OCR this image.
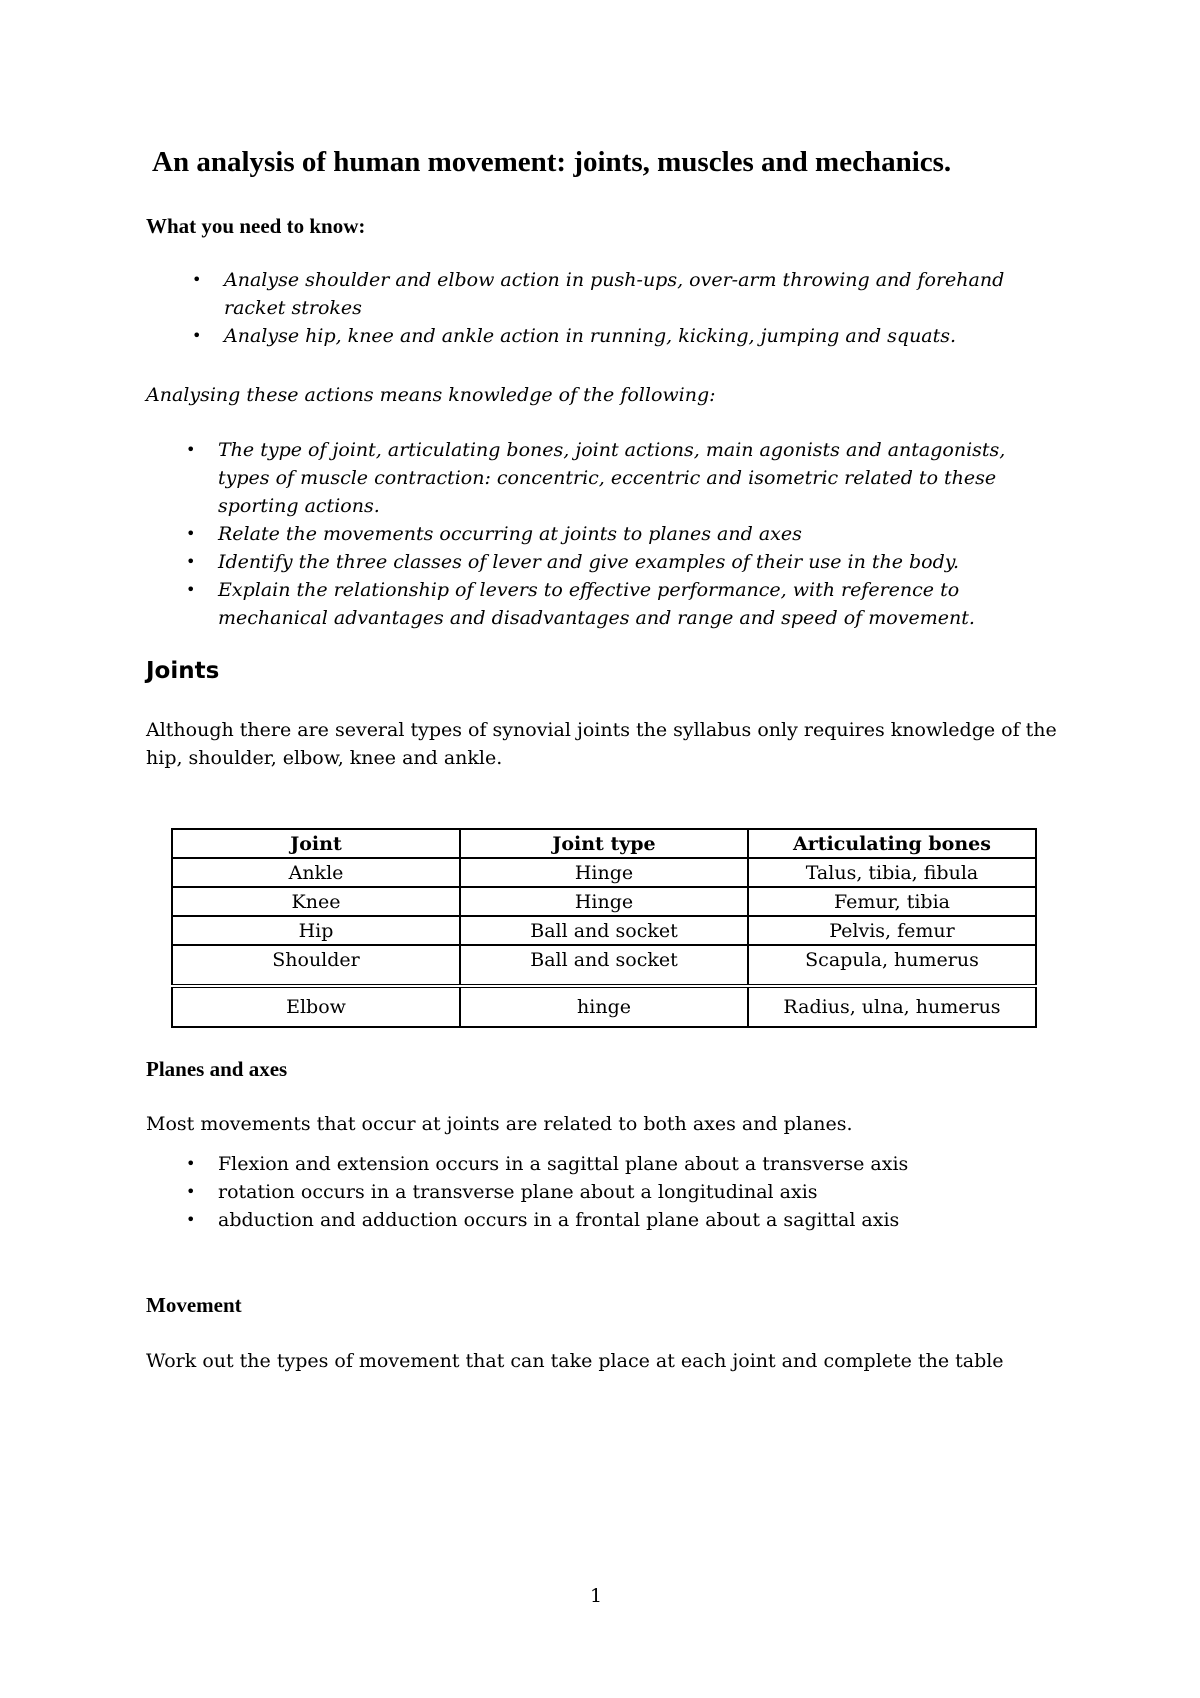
An analysis of human movement: joints, muscles and mechanics.
What you need to know:
• Analyse shoulder and elbow action in push-ups, over-arm throwing and forehand racket strokes
• Analyse hip, knee and ankle action in running, kicking, jumping and squats.
Analysing these actions means knowledge of the following:
• The type of joint, articulating bones, joint actions, main agonists and antagonists, types of muscle contraction: concentric, eccentric and isometric related to these sporting actions.
• Relate the movements occurring at joints to planes and axes
• Identify the three classes of lever and give examples of their use in the body.
• Explain the relationship of levers to effective performance, with reference to mechanical advantages and disadvantages and range and speed of movement.
Joints
Although there are several types of synovial joints the syllabus only requires knowledge of the hip, shoulder, elbow, knee and ankle.
Joint	Joint type	Articulating bones
Ankle	Hinge	Talus, tibia, fibula
Knee	Hinge	Femur, tibia
Hip	Ball and socket	Pelvis, femur
Shoulder	Ball and socket	Scapula, humerus
Elbow	hinge	Radius, ulna, humerus
Planes and axes
Most movements that occur at joints are related to both axes and planes.
• Flexion and extension occurs in a sagittal plane about a transverse axis
• rotation occurs in a transverse plane about a longitudinal axis
• abduction and adduction occurs in a frontal plane about a sagittal axis
Movement
Work out the types of movement that can take place at each joint and complete the table
1
